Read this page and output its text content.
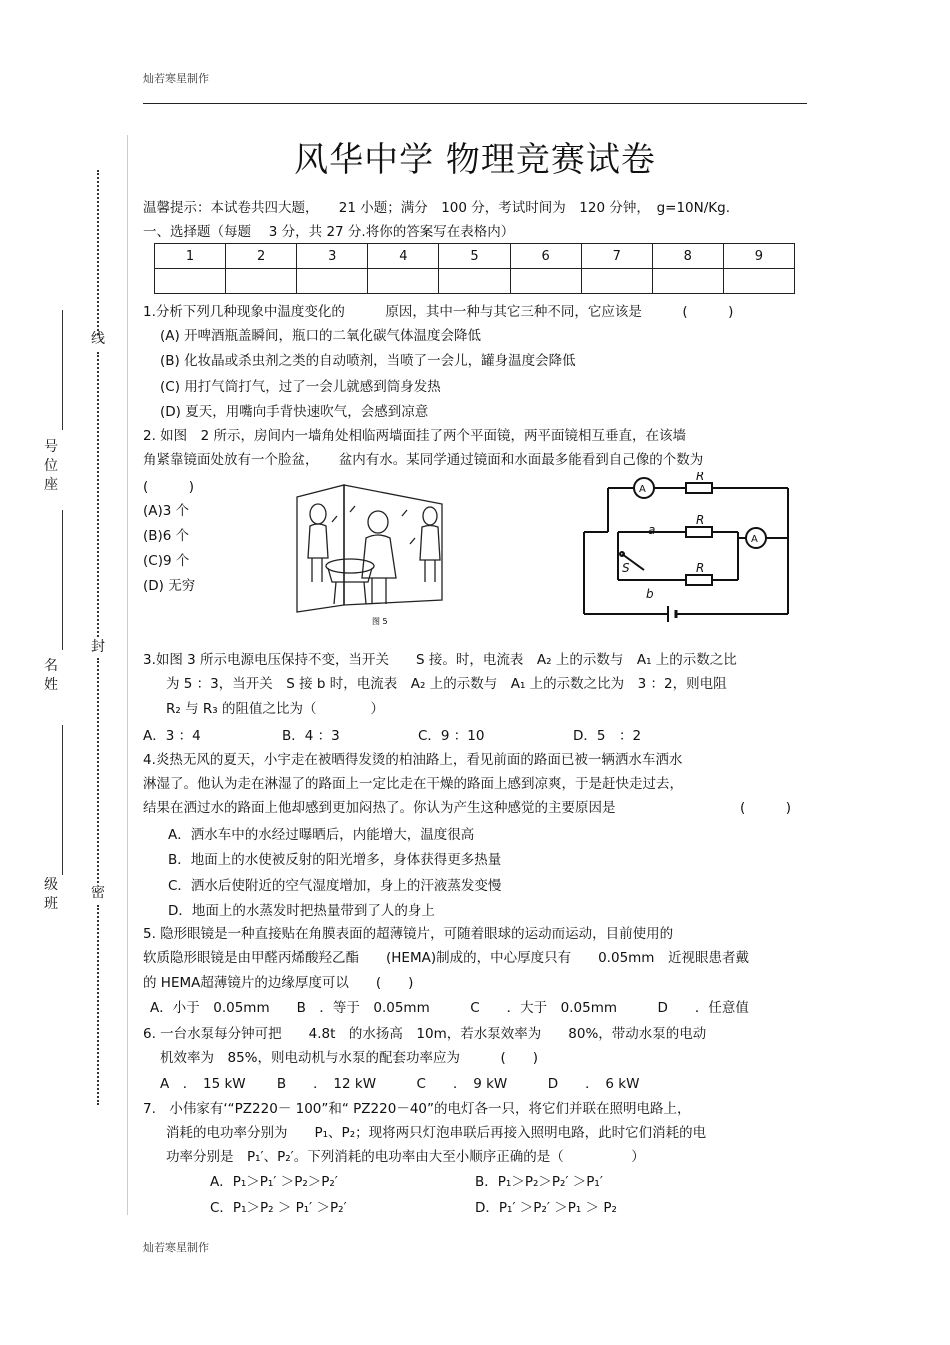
灿若寒星制作
灿若寒星制作
线
封
密
号位座
名姓
级班
风华中学 物理竞赛试卷
温馨提示：本试卷共四大题，　　21 小题；满分　100 分，考试时间为　120 分钟，　g=10N/Kg.
一、选择题（每题　 3 分，共 27 分.将你的答案写在表格内）
1	2	3	4	5	6	7	8	9

1.分析下列几种现象中温度变化的　　　原因，其中一种与其它三种不同，它应该是　　　(　　　)
(A) 开啤酒瓶盖瞬间，瓶口的二氧化碳气体温度会降低
(B) 化妆晶或杀虫剂之类的自动喷剂，当喷了一会儿，罐身温度会降低
(C) 用打气筒打气，过了一会儿就感到筒身发热
(D) 夏天，用嘴向手背快速吹气，会感到凉意
2. 如图　2 所示，房间内一墙角处相临两墙面挂了两个平面镜，两平面镜相互垂直，在该墙
角紧靠镜面处放有一个脸盆，　　盆内有水。某同学通过镜面和水面最多能看到自己像的个数为
(　　　)
(A)3 个
(B)6 个
(C)9 个
(D) 无穷
图 5
A
A
R
R
R
a
S
b
3.如图 3 所示电源电压保持不变，当开关　　S 接。时，电流表　A₂ 上的示数与　A₁ 上的示数之比
为 5 ：3，当开关　S 接 b 时，电流表　A₂ 上的示数与　A₁ 上的示数之比为　3 ：2，则电阻
R₂ 与 R₃ 的阻值之比为（　　　　）
A．3 ：4	B．4 ：3	C．9 ：10	D．5　：2
4.炎热无风的夏天，小宇走在被晒得发烫的柏油路上，看见前面的路面已被一辆洒水车洒水
淋湿了。他认为走在淋湿了的路面上一定比走在干燥的路面上感到凉爽，于是赶快走过去，
结果在洒过水的路面上他却感到更加闷热了。你认为产生这种感觉的主要原因是	(　　　)
A．洒水车中的水经过曝晒后，内能增大，温度很高
B．地面上的水使被反射的阳光增多，身体获得更多热量
C．洒水后使附近的空气湿度增加，身上的汗液蒸发变慢
D．地面上的水蒸发时把热量带到了人的身上
5. 隐形眼镜是一种直接贴在角膜表面的超薄镜片，可随着眼球的运动而运动，目前使用的
软质隐形眼镜是由甲醛丙烯酸羟乙酯　　(HEMA)制成的，中心厚度只有　　0.05mm　近视眼患者戴
的 HEMA超薄镜片的边缘厚度可以　　(　　)
A．小于　0.05mm　　B　．等于　0.05mm　　　C　　．大于　0.05mm　　　D　　．任意值
6. 一台水泵每分钟可把　　4.8t　的水扬高　10m，若水泵效率为　　80%，带动水泵的电动
机效率为　85%，则电动机与水泵的配套功率应为　　　(　　)
A　．　15 kW　　 B　　．　12 kW　　　C　　．　9 kW　　　D　　．　6 kW
7.　小伟家有‘“PZ220－ 100”和“ PZ220－40”的电灯各一只，将它们并联在照明电路上，
消耗的电功率分别为　　P₁、P₂；现将两只灯泡串联后再接入照明电路，此时它们消耗的电
功率分别是　P₁′、P₂′。下列消耗的电功率由大至小顺序正确的是（　　　　　）
A．P₁＞P₁′ ＞P₂＞P₂′	B．P₁＞P₂＞P₂′ ＞P₁′
C．P₁＞P₂ ＞ P₁′ ＞P₂′	D．P₁′ ＞P₂′ ＞P₁ ＞ P₂
